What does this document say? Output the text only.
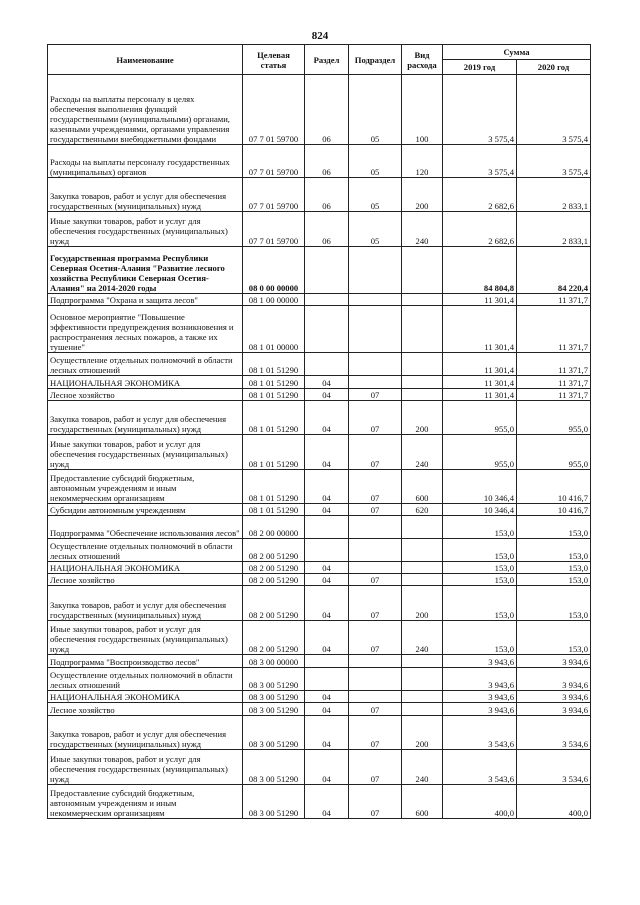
824
Наименование	Целевая статья	Раздел	Подраздел	Вид расхода	Сумма	
					2019 год	2020 год
Расходы на выплаты персоналу в целях обеспечения выполнения функций государственными (муниципальными) органами, казенными учреждениями, органами управления государственными внебюджетными фондами	07 7 01 59700	06	05	100	3 575,4	3 575,4
Расходы на выплаты персоналу государственных (муниципальных) органов	07 7 01 59700	06	05	120	3 575,4	3 575,4
Закупка товаров, работ и услуг для обеспечения государственных (муниципальных) нужд	07 7 01 59700	06	05	200	2 682,6	2 833,1
Иные закупки товаров, работ и услуг для обеспечения государственных (муниципальных) нужд	07 7 01 59700	06	05	240	2 682,6	2 833,1
Государственная программа Республики Северная Осетия-Алания "Развитие лесного хозяйства Республики Северная Осетия-Алания" на 2014-2020 годы	08 0 00 00000				84 804,8	84 220,4
Подпрограмма "Охрана и защита лесов"	08 1 00 00000				11 301,4	11 371,7
Основное мероприятие "Повышение эффективности предупреждения возникновения и распространения лесных пожаров, а также их тушение"	08 1 01 00000				11 301,4	11 371,7
Осуществление отдельных полномочий в области лесных отношений	08 1 01 51290				11 301,4	11 371,7
НАЦИОНАЛЬНАЯ ЭКОНОМИКА	08 1 01 51290	04			11 301,4	11 371,7
Лесное хозяйство	08 1 01 51290	04	07		11 301,4	11 371,7
Закупка товаров, работ и услуг для обеспечения государственных (муниципальных) нужд	08 1 01 51290	04	07	200	955,0	955,0
Иные закупки товаров, работ и услуг для обеспечения государственных (муниципальных) нужд	08 1 01 51290	04	07	240	955,0	955,0
Предоставление субсидий бюджетным, автономным учреждениям и иным некоммерческим организациям	08 1 01 51290	04	07	600	10 346,4	10 416,7
Субсидии автономным учреждениям	08 1 01 51290	04	07	620	10 346,4	10 416,7
Подпрограмма "Обеспечение использования лесов"	08 2 00 00000				153,0	153,0
Осуществление отдельных полномочий в области лесных отношений	08 2 00 51290				153,0	153,0
НАЦИОНАЛЬНАЯ ЭКОНОМИКА	08 2 00 51290	04			153,0	153,0
Лесное хозяйство	08 2 00 51290	04	07		153,0	153,0
Закупка товаров, работ и услуг для обеспечения государственных (муниципальных) нужд	08 2 00 51290	04	07	200	153,0	153,0
Иные закупки товаров, работ и услуг для обеспечения государственных (муниципальных) нужд	08 2 00 51290	04	07	240	153,0	153,0
Подпрограмма "Воспроизводство лесов"	08 3 00 00000				3 943,6	3 934,6
Осуществление отдельных полномочий в области лесных отношений	08 3 00 51290				3 943,6	3 934,6
НАЦИОНАЛЬНАЯ ЭКОНОМИКА	08 3 00 51290	04			3 943,6	3 934,6
Лесное хозяйство	08 3 00 51290	04	07		3 943,6	3 934,6
Закупка товаров, работ и услуг для обеспечения государственных (муниципальных) нужд	08 3 00 51290	04	07	200	3 543,6	3 534,6
Иные закупки товаров, работ и услуг для обеспечения государственных (муниципальных) нужд	08 3 00 51290	04	07	240	3 543,6	3 534,6
Предоставление субсидий бюджетным, автономным учреждениям и иным некоммерческим организациям	08 3 00 51290	04	07	600	400,0	400,0
